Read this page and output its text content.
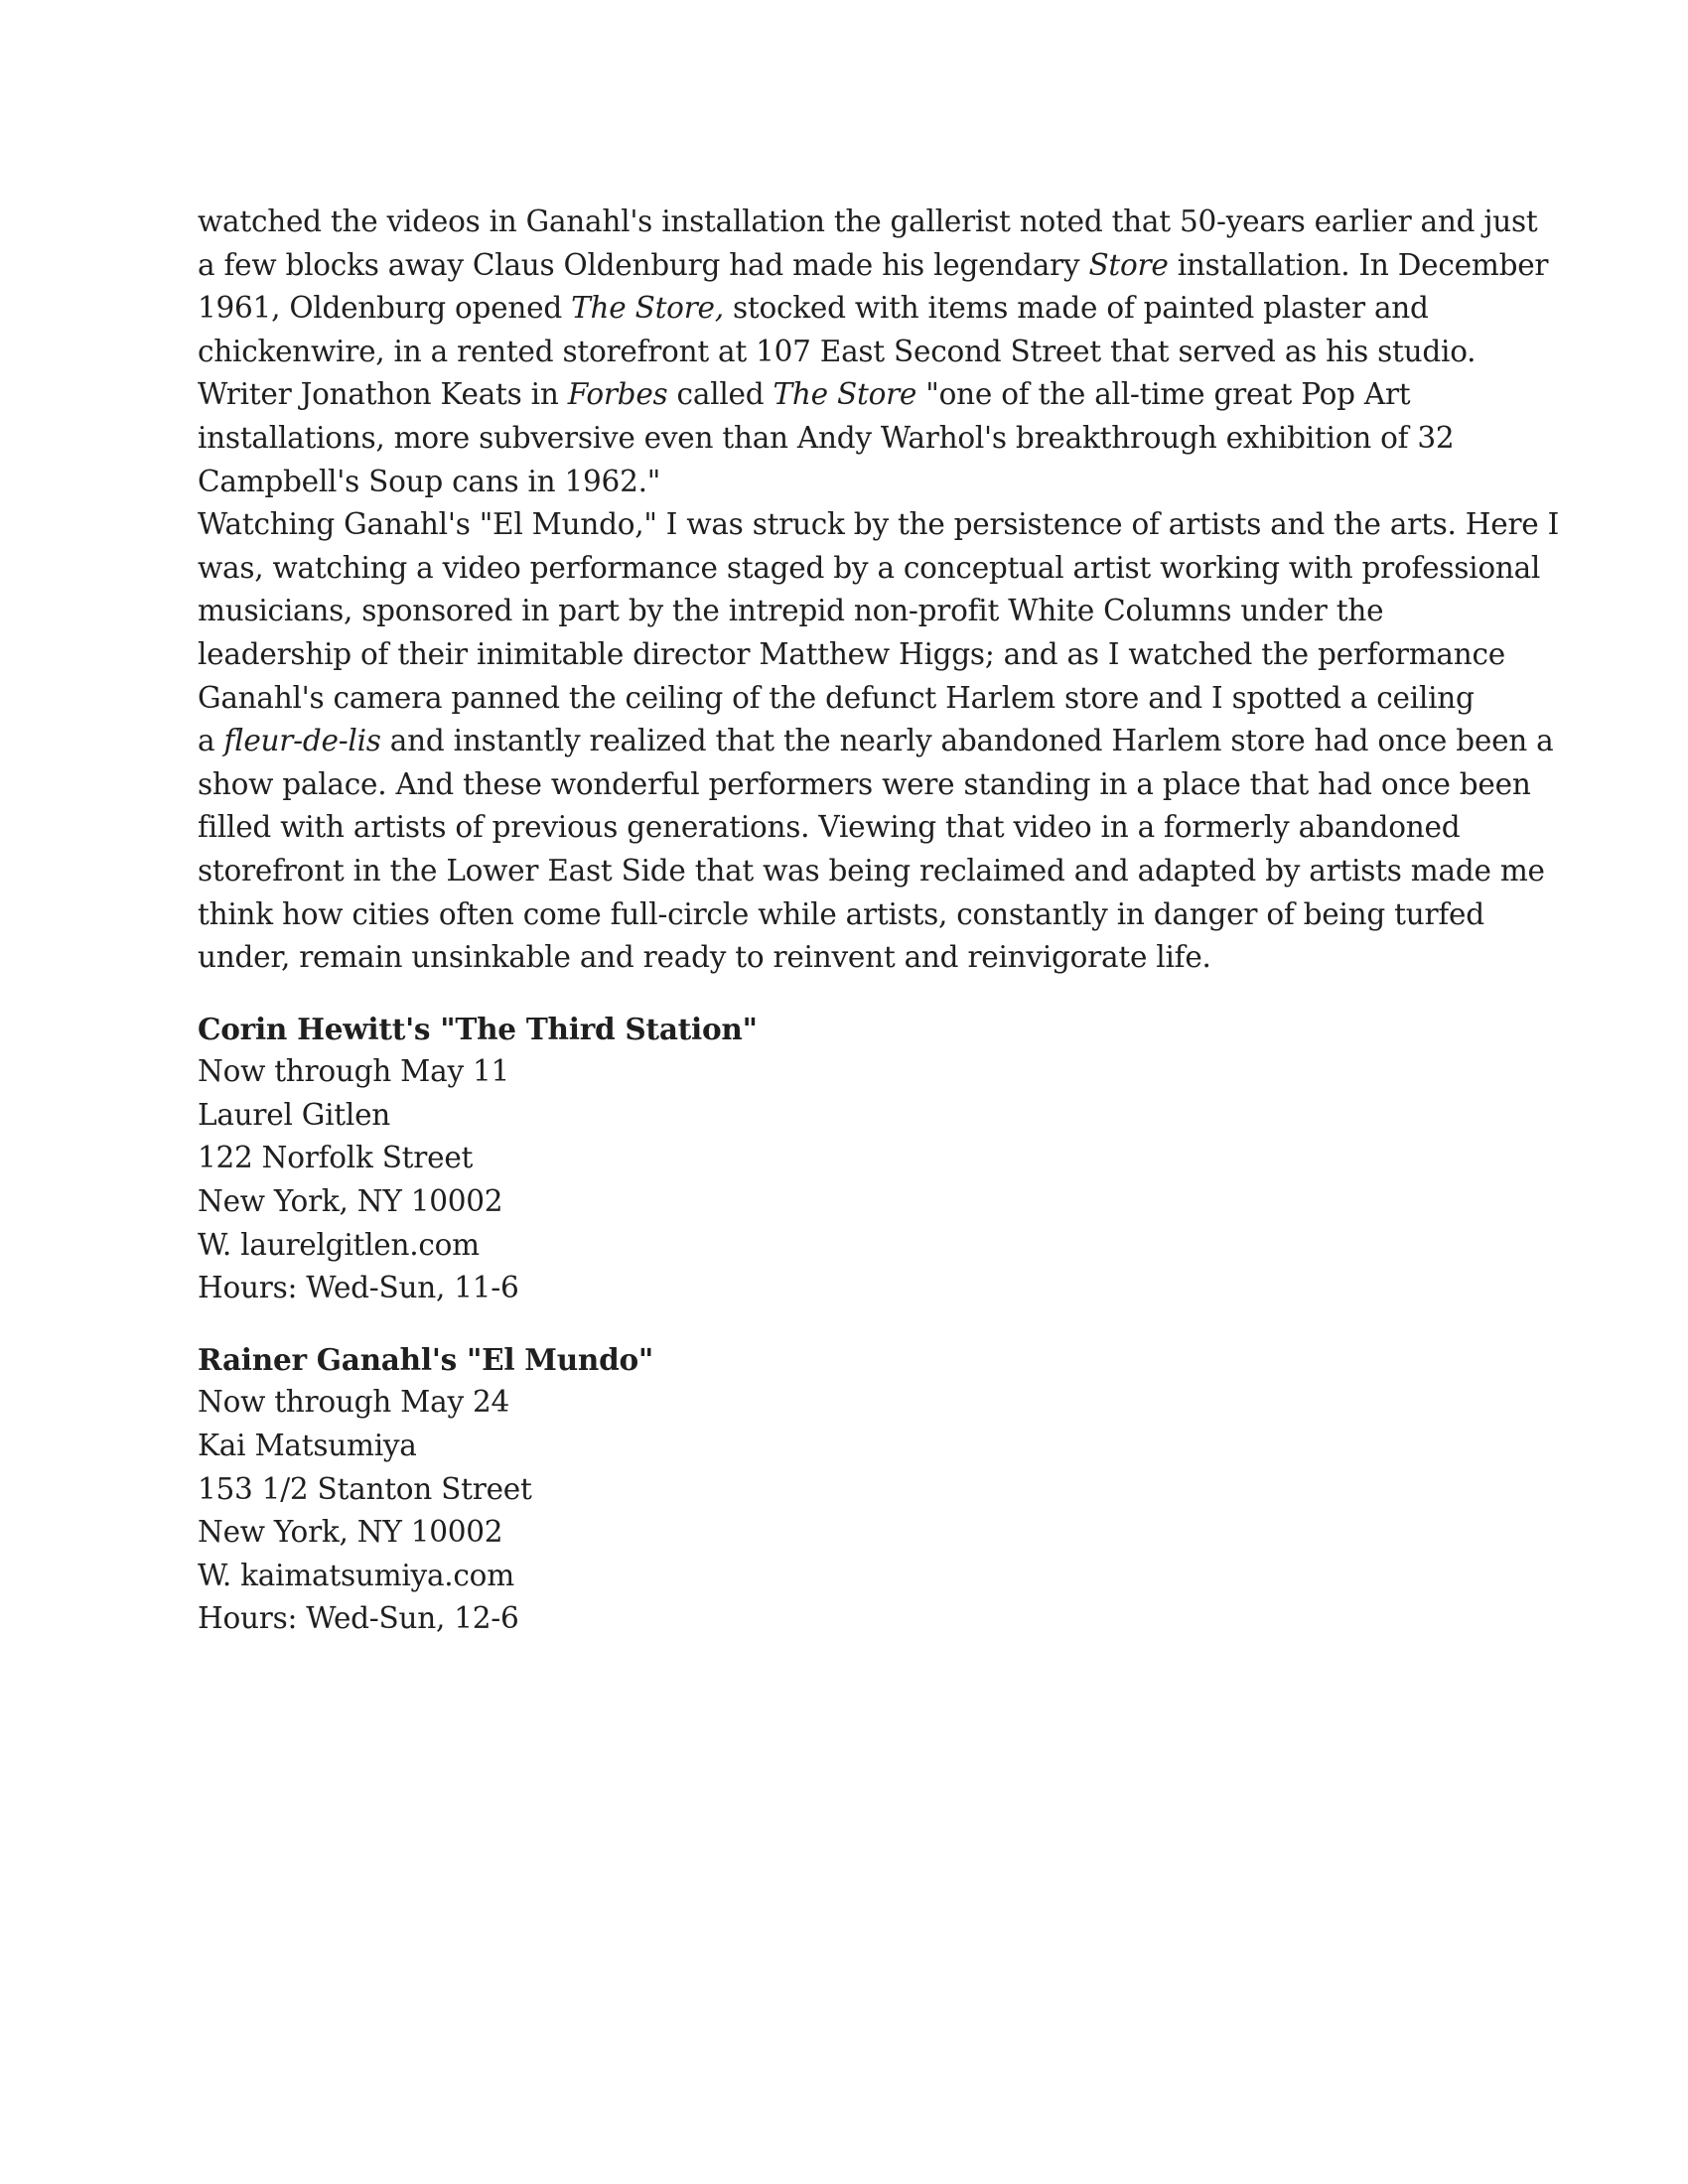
watched the videos in Ganahl's installation the gallerist noted that 50-years earlier and just
a few blocks away Claus Oldenburg had made his legendary Store installation. In December
1961, Oldenburg opened The Store, stocked with items made of painted plaster and
chickenwire, in a rented storefront at 107 East Second Street that served as his studio.
Writer Jonathon Keats in Forbes called The Store "one of the all-time great Pop Art
installations, more subversive even than Andy Warhol's breakthrough exhibition of 32
Campbell's Soup cans in 1962."
Watching Ganahl's "El Mundo," I was struck by the persistence of artists and the arts. Here I
was, watching a video performance staged by a conceptual artist working with professional
musicians, sponsored in part by the intrepid non-profit White Columns under the
leadership of their inimitable director Matthew Higgs; and as I watched the performance
Ganahl's camera panned the ceiling of the defunct Harlem store and I spotted a ceiling
a fleur-de-lis and instantly realized that the nearly abandoned Harlem store had once been a
show palace. And these wonderful performers were standing in a place that had once been
filled with artists of previous generations. Viewing that video in a formerly abandoned
storefront in the Lower East Side that was being reclaimed and adapted by artists made me
think how cities often come full-circle while artists, constantly in danger of being turfed
under, remain unsinkable and ready to reinvent and reinvigorate life.
Corin Hewitt's "The Third Station"
Now through May 11
Laurel Gitlen
122 Norfolk Street
New York, NY 10002
W. laurelgitlen.com
Hours: Wed-Sun, 11-6
Rainer Ganahl's "El Mundo"
Now through May 24
Kai Matsumiya
153 1/2 Stanton Street
New York, NY 10002
W. kaimatsumiya.com
Hours: Wed-Sun, 12-6
